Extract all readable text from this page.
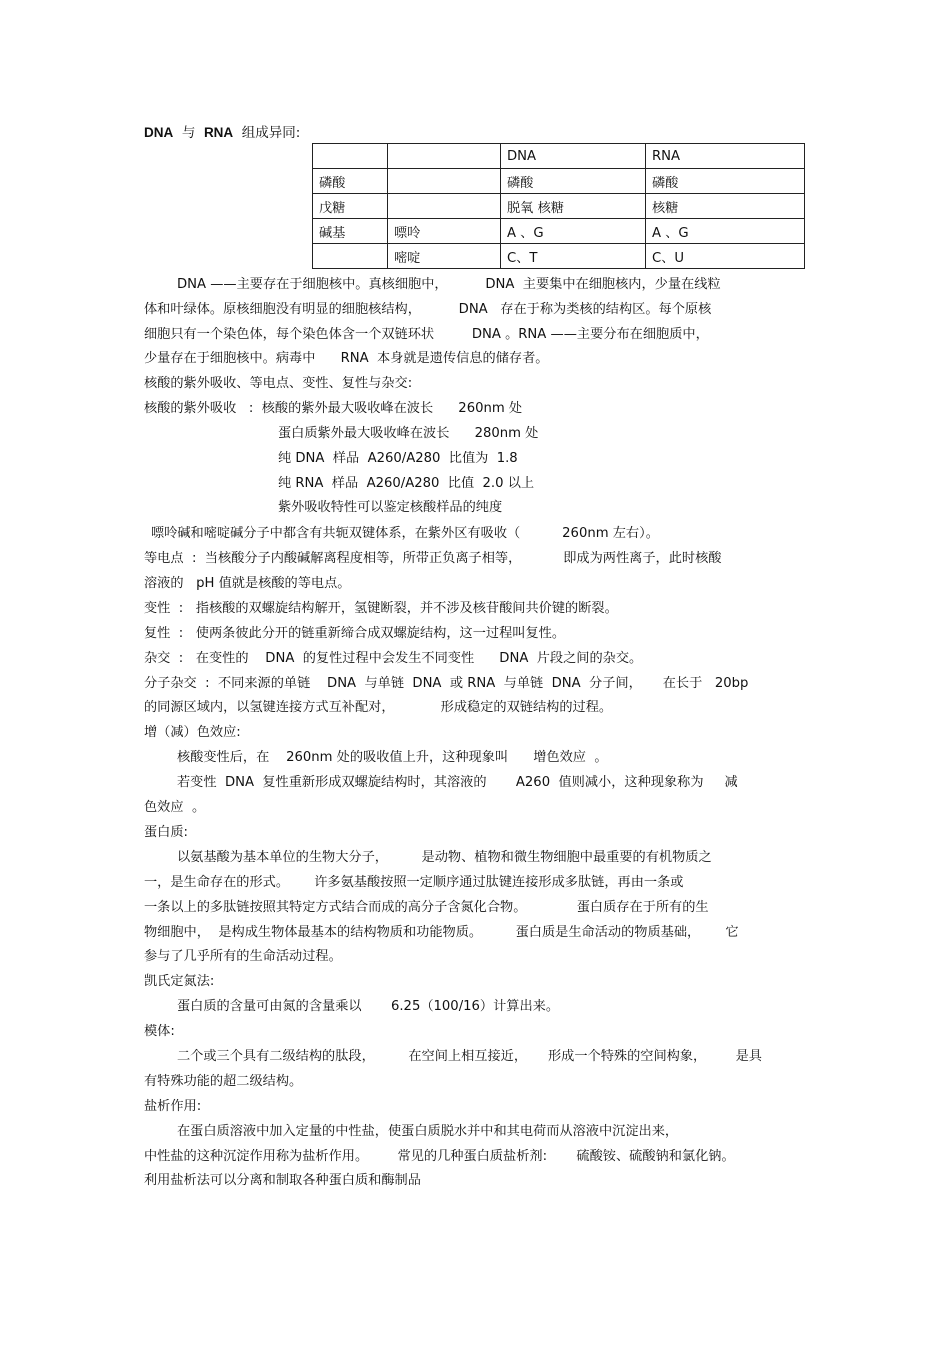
DNA 与 RNA 组成异同:
		DNA	RNA
磷酸		磷酸	磷酸
戊糖		脱氧 核糖	核糖
碱基	嘌呤	A 、G	A 、G
	嘧啶	C、T	C、U
DNA ——主要存在于细胞核中。真核细胞中，         DNA  主要集中在细胞核内，少量在线粒
体和叶绿体。原核细胞没有明显的细胞核结构，         DNA   存在于称为类核的结构区。每个原核
细胞只有一个染色体，每个染色体含一个双链环状         DNA 。RNA ——主要分布在细胞质中，
少量存在于细胞核中。病毒中      RNA  本身就是遗传信息的储存者。
核酸的紫外吸收、等电点、变性、复性与杂交:
核酸的紫外吸收   :  核酸的紫外最大吸收峰在波长      260nm 处
蛋白质紫外最大吸收峰在波长      280nm 处
纯 DNA  样品  A260/A280  比值为  1.8
纯 RNA  样品  A260/A280  比值  2.0 以上
紫外吸收特性可以鉴定核酸样品的纯度
嘌呤碱和嘧啶碱分子中都含有共轭双键体系，在紫外区有吸收（          260nm 左右）。
等电点  :  当核酸分子内酸碱解离程度相等，所带正负离子相等，          即成为两性离子，此时核酸
溶液的   pH 值就是核酸的等电点。
变性  :   指核酸的双螺旋结构解开，氢键断裂，并不涉及核苷酸间共价键的断裂。
复性  :   使两条彼此分开的链重新缔合成双螺旋结构，这一过程叫复性。
杂交  :   在变性的    DNA  的复性过程中会发生不同变性      DNA  片段之间的杂交。
分子杂交  :  不同来源的单链    DNA  与单链  DNA  或 RNA  与单链  DNA  分子间，     在长于   20bp
的同源区域内，以氢键连接方式互补配对，           形成稳定的双链结构的过程。
增（减）色效应:
核酸变性后，在    260nm 处的吸收值上升，这种现象叫      增色效应  。
若变性  DNA  复性重新形成双螺旋结构时，其溶液的       A260  值则减小，这种现象称为     减
色效应  。
蛋白质:
以氨基酸为基本单位的生物大分子，        是动物、植物和微生物细胞中最重要的有机物质之
一，是生命存在的形式。      许多氨基酸按照一定顺序通过肽键连接形成多肽链，再由一条或
一条以上的多肽链按照其特定方式结合而成的高分子含氮化合物。            蛋白质存在于所有的生
物细胞中，  是构成生物体最基本的结构物质和功能物质。        蛋白质是生命活动的物质基础，      它
参与了几乎所有的生命活动过程。
凯氏定氮法:
蛋白质的含量可由氮的含量乘以       6.25（100/16）计算出来。
模体:
二个或三个具有二级结构的肽段，        在空间上相互接近，     形成一个特殊的空间构象，       是具
有特殊功能的超二级结构。
盐析作用:
在蛋白质溶液中加入定量的中性盐，使蛋白质脱水并中和其电荷而从溶液中沉淀出来，
中性盐的这种沉淀作用称为盐析作用。       常见的几种蛋白质盐析剂:       硫酸铵、硫酸钠和氯化钠。
利用盐析法可以分离和制取各种蛋白质和酶制品
